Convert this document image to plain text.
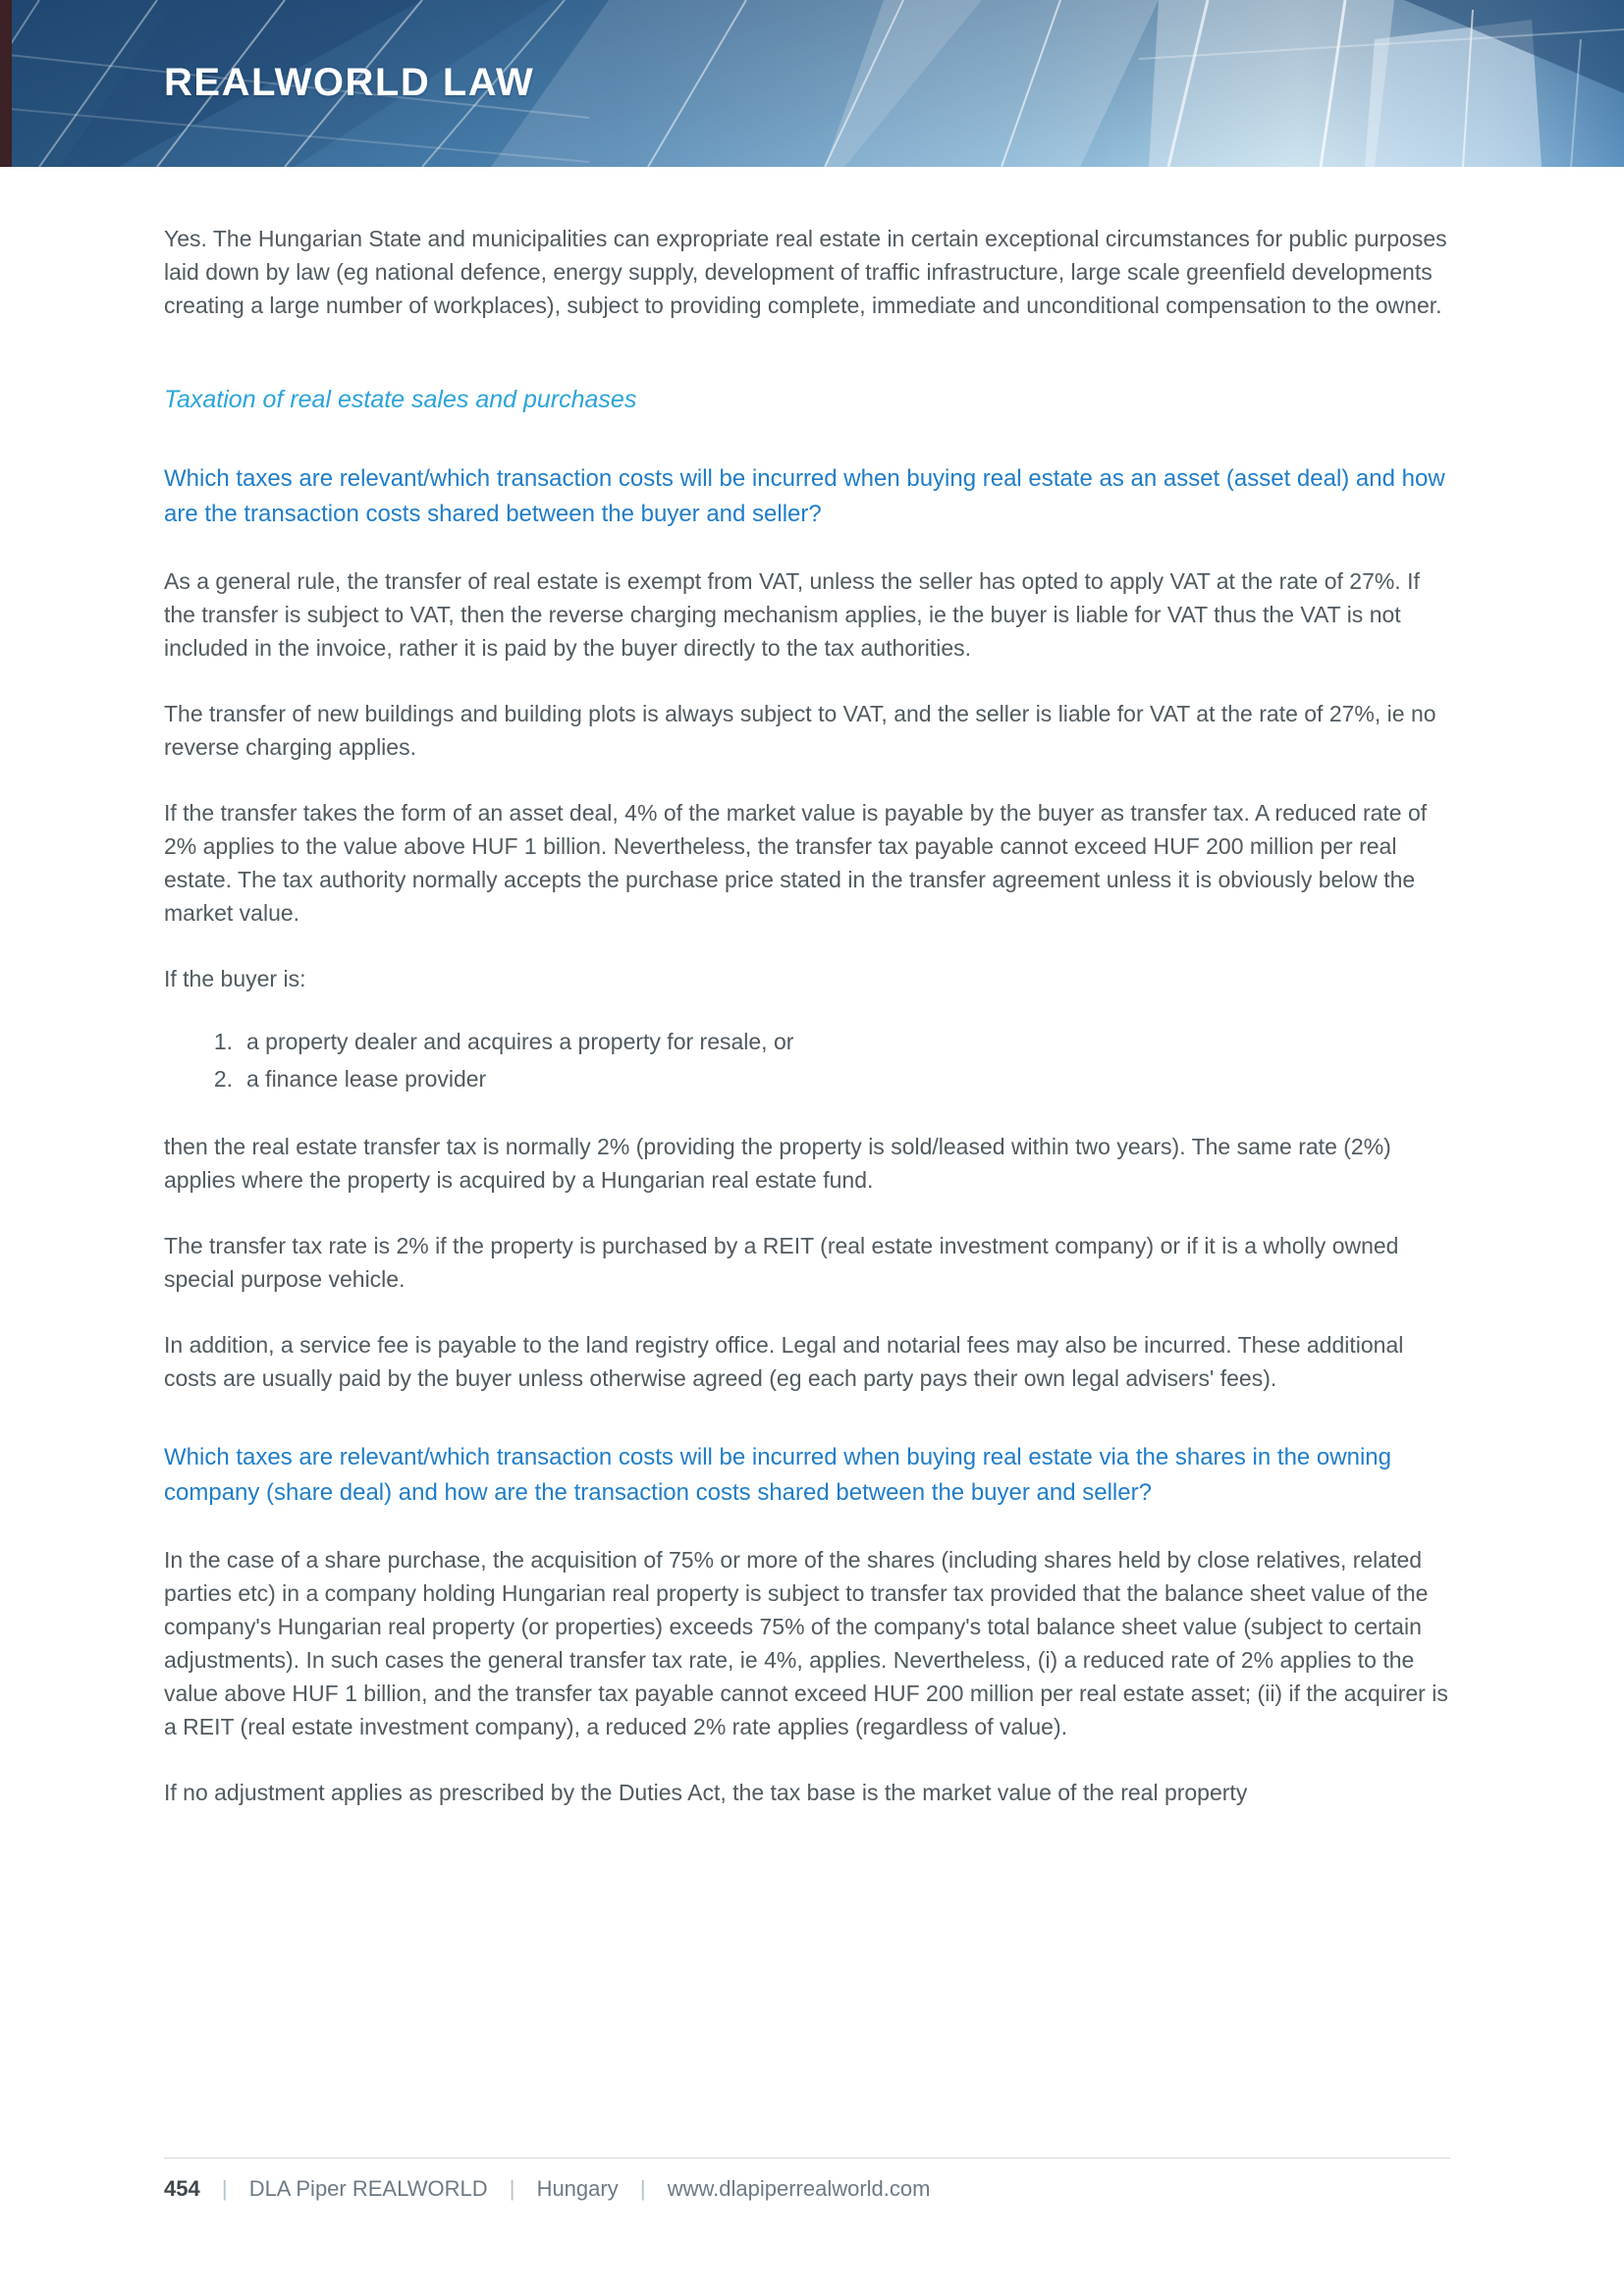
REALWORLD LAW

Yes. The Hungarian State and municipalities can expropriate real estate in certain exceptional circumstances for public purposes laid down by law (eg national defence, energy supply, development of traffic infrastructure, large scale greenfield developments creating a large number of workplaces), subject to providing complete, immediate and unconditional compensation to the owner.

Taxation of real estate sales and purchases
Which taxes are relevant/which transaction costs will be incurred when buying real estate as an asset (asset deal) and how are the transaction costs shared between the buyer and seller?

As a general rule, the transfer of real estate is exempt from VAT, unless the seller has opted to apply VAT at the rate of 27%. If the transfer is subject to VAT, then the reverse charging mechanism applies, ie the buyer is liable for VAT thus the VAT is not included in the invoice, rather it is paid by the buyer directly to the tax authorities.

The transfer of new buildings and building plots is always subject to VAT, and the seller is liable for VAT at the rate of 27%, ie no reverse charging applies.

If the transfer takes the form of an asset deal, 4% of the market value is payable by the buyer as transfer tax. A reduced rate of 2% applies to the value above HUF 1 billion. Nevertheless, the transfer tax payable cannot exceed HUF 200 million per real estate. The tax authority normally accepts the purchase price stated in the transfer agreement unless it is obviously below the market value.

If the buyer is:

1. a property dealer and acquires a property for resale, or
2. a finance lease provider

then the real estate transfer tax is normally 2% (providing the property is sold/leased within two years). The same rate (2%) applies where the property is acquired by a Hungarian real estate fund.

The transfer tax rate is 2% if the property is purchased by a REIT (real estate investment company) or if it is a wholly owned special purpose vehicle.

In addition, a service fee is payable to the land registry office. Legal and notarial fees may also be incurred. These additional costs are usually paid by the buyer unless otherwise agreed (eg each party pays their own legal advisers' fees).

Which taxes are relevant/which transaction costs will be incurred when buying real estate via the shares in the owning company (share deal) and how are the transaction costs shared between the buyer and seller?

In the case of a share purchase, the acquisition of 75% or more of the shares (including shares held by close relatives, related parties etc) in a company holding Hungarian real property is subject to transfer tax provided that the balance sheet value of the company's Hungarian real property (or properties) exceeds 75% of the company's total balance sheet value (subject to certain adjustments). In such cases the general transfer tax rate, ie 4%, applies. Nevertheless, (i) a reduced rate of 2% applies to the value above HUF 1 billion, and the transfer tax payable cannot exceed HUF 200 million per real estate asset; (ii) if the acquirer is a REIT (real estate investment company), a reduced 2% rate applies (regardless of value).

If no adjustment applies as prescribed by the Duties Act, the tax base is the market value of the real property

454 | DLA Piper REALWORLD | Hungary | www.dlapiperrealworld.com
